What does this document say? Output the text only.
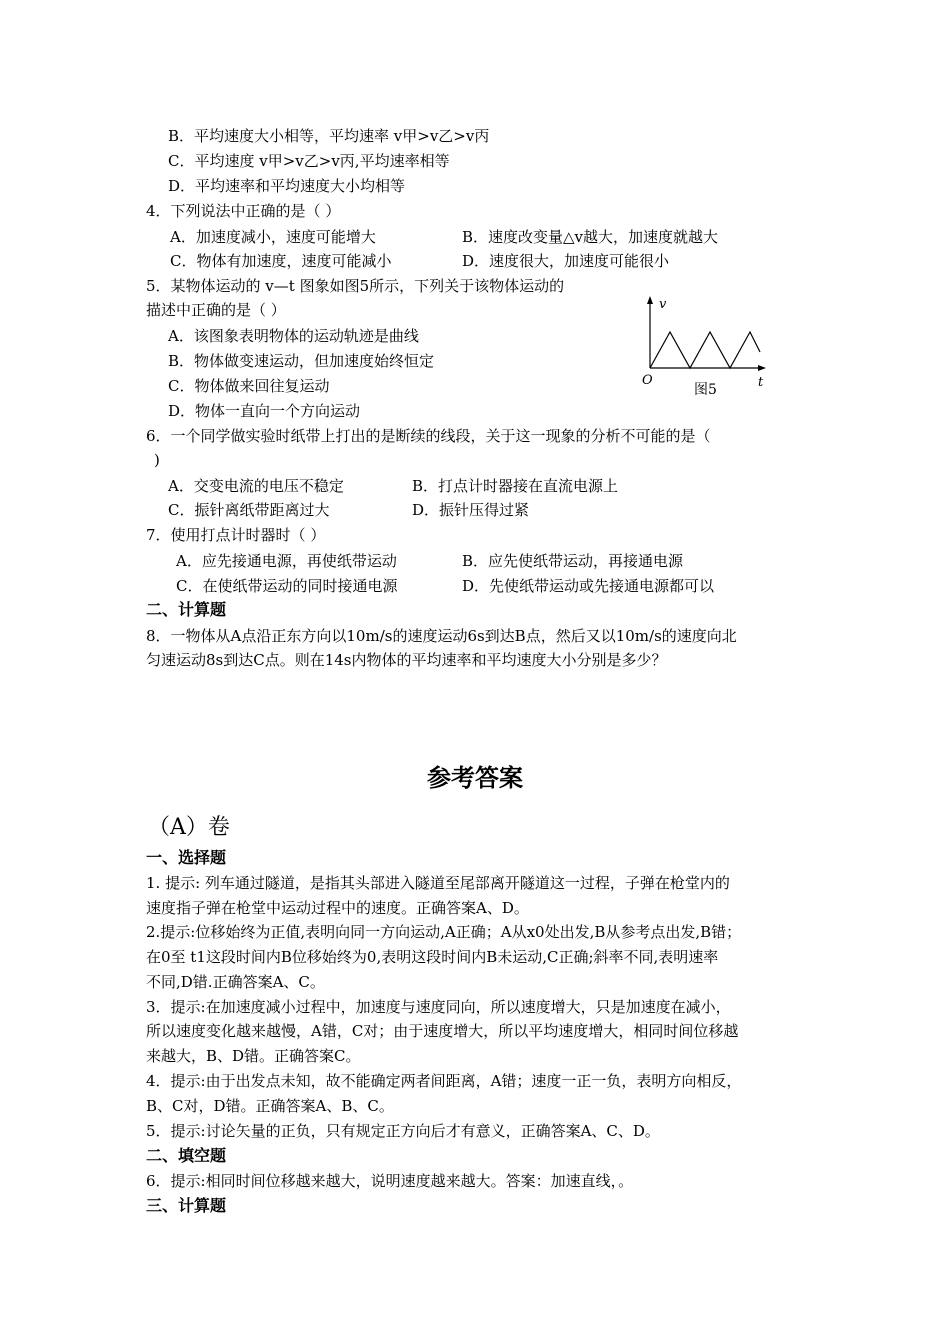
B．平均速度大小相等，平均速率 v甲>v乙>v丙
C．平均速度 v甲>v乙>v丙,平均速率相等
D．平均速率和平均速度大小均相等
4．下列说法中正确的是（ ）
A．加速度减小，速度可能增大	B．速度改变量△v越大，加速度就越大
C．物体有加速度，速度可能减小	D．速度很大，加速度可能很小
5．某物体运动的 v—t 图象如图5所示，下列关于该物体运动的
描述中正确的是（ ）
A．该图象表明物体的运动轨迹是曲线
B．物体做变速运动，但加速度始终恒定
C．物体做来回往复运动
D．物体一直向一个方向运动
v
O	t
图5
6．一个同学做实验时纸带上打出的是断续的线段，关于这一现象的分析不可能的是（
)
A．交变电流的电压不稳定	B．打点计时器接在直流电源上
C．振针离纸带距离过大	D．振针压得过紧
7．使用打点计时器时（ ）
A．应先接通电源，再使纸带运动	B．应先使纸带运动，再接通电源
C．在使纸带运动的同时接通电源	D．先使纸带运动或先接通电源都可以
二、计算题
8．一物体从A点沿正东方向以10m/s的速度运动6s到达B点，然后又以10m/s的速度向北
匀速运动8s到达C点。则在14s内物体的平均速率和平均速度大小分别是多少？
参考答案
（A）卷
一、选择题
1. 提示: 列车通过隧道，是指其头部进入隧道至尾部离开隧道这一过程，子弹在枪堂内的
速度指子弹在枪堂中运动过程中的速度。正确答案A、D。
2.提示:位移始终为正值,表明向同一方向运动,A正确；A从x0处出发,B从参考点出发,B错；
在0至 t1这段时间内B位移始终为0,表明这段时间内B未运动,C正确;斜率不同,表明速率
不同,D错.正确答案A、C。
3．提示:在加速度减小过程中，加速度与速度同向，所以速度增大，只是加速度在减小，
所以速度变化越来越慢，A错，C对；由于速度增大，所以平均速度增大，相同时间位移越
来越大，B、D错。正确答案C。
4．提示:由于出发点未知，故不能确定两者间距离，A错；速度一正一负，表明方向相反，
B、C对，D错。正确答案A、B、C。
5．提示:讨论矢量的正负，只有规定正方向后才有意义，正确答案A、C、D。
二、填空题
6．提示:相同时间位移越来越大，说明速度越来越大。答案：加速直线，。
三、计算题
